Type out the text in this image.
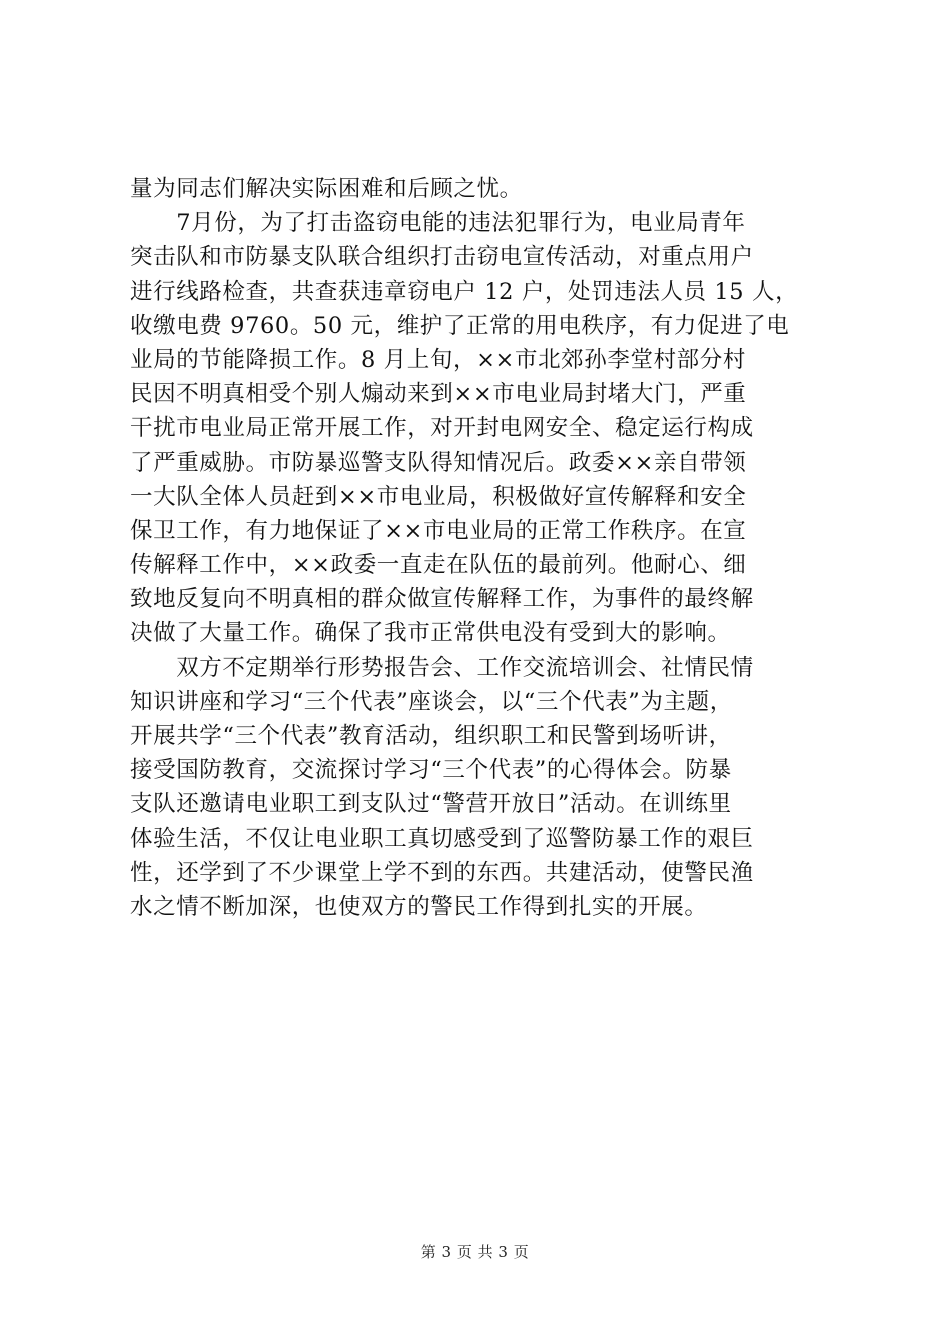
量为同志们解决实际困难和后顾之忧。
　　7月份，为了打击盗窃电能的违法犯罪行为，电业局青年
突击队和市防暴支队联合组织打击窃电宣传活动，对重点用户
进行线路检查，共查获违章窃电户 12 户，处罚违法人员 15 人，
收缴电费 9760。50 元，维护了正常的用电秩序，有力促进了电
业局的节能降损工作。8 月上旬，××市北郊孙李堂村部分村
民因不明真相受个别人煽动来到××市电业局封堵大门，严重
干扰市电业局正常开展工作，对开封电网安全、稳定运行构成
了严重威胁。市防暴巡警支队得知情况后。政委××亲自带领
一大队全体人员赶到××市电业局，积极做好宣传解释和安全
保卫工作，有力地保证了××市电业局的正常工作秩序。在宣
传解释工作中，××政委一直走在队伍的最前列。他耐心、细
致地反复向不明真相的群众做宣传解释工作，为事件的最终解
决做了大量工作。确保了我市正常供电没有受到大的影响。
　　双方不定期举行形势报告会、工作交流培训会、社情民情
知识讲座和学习“三个代表”座谈会，以“三个代表”为主题，
开展共学“三个代表”教育活动，组织职工和民警到场听讲，
接受国防教育，交流探讨学习“三个代表”的心得体会。防暴
支队还邀请电业职工到支队过“警营开放日”活动。在训练里
体验生活，不仅让电业职工真切感受到了巡警防暴工作的艰巨
性，还学到了不少课堂上学不到的东西。共建活动，使警民渔
水之情不断加深，也使双方的警民工作得到扎实的开展。
第 3 页 共 3 页
